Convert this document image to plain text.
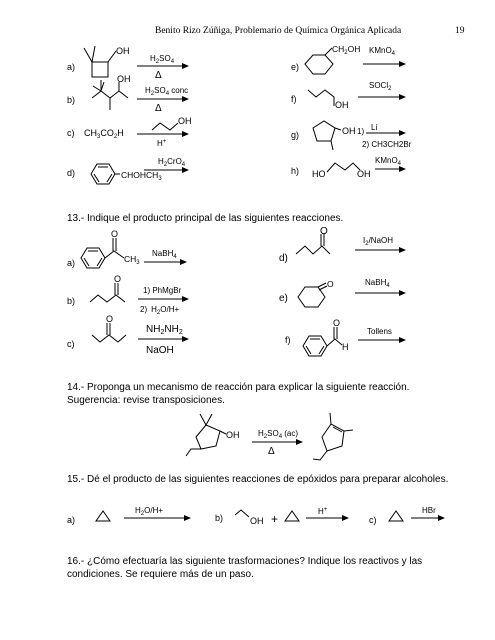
Benito Rizo Zúñiga, Problemario de Química Orgánica Aplicada	19
a)
OH
$H_2SO_4$
Δ
b)
OH
$H_2SO_4$ conc
Δ
c) $CH_3CO_2H$
OH
H+
d)	$CHOHCH_3$
$H_2CrO_4$
e)
$CH_2OH$ KMnO$_4$
f)
OH
SOCl$_2$
g)	OH 1) Li
2) CH3CH2Br
h) HO	OH
KMnO$_4$
a)
O
$CH_3$
NaBH$_4$
b)
O
1) PhMgBr
2) $H_2O/H+$
c)
O
$NH_2NH_2$
NaOH
d)
O
$I_2$/NaOH
e)
O	NaBH$_4$
f)
O
H
Tollens
OH $H_2SO_4$ (ac)
Δ
a)
$H_2O/H+$
b)	OH +
H+
c)
HBr
13.- Indique el producto principal de las siguientes reacciones.
14.- Proponga un mecanismo de reacción para explicar la siguiente reacción. Sugerencia: revise transposiciones.
15.- Dé el producto de las siguientes reacciones de epóxidos para preparar alcoholes.
16.- ¿Cómo efectuaría las siguiente trasformaciones? Indique los reactivos y las condiciones. Se requiere más de un paso.
